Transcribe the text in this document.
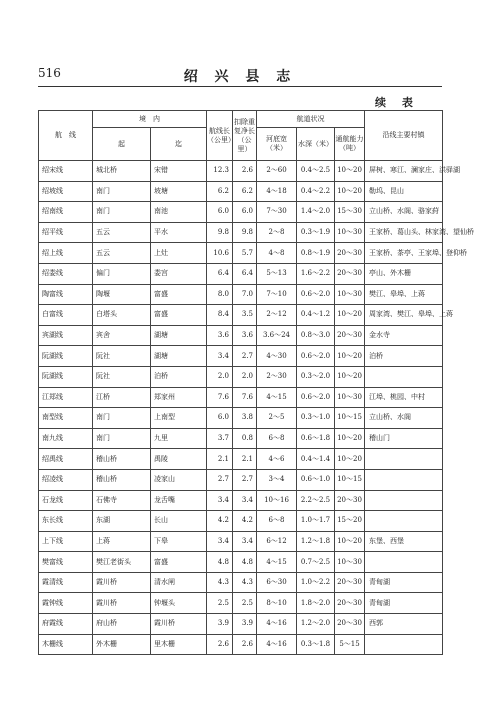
516	绍 兴 县 志
续 表
航　线	境　内		航线长
（公里）	扣除重复净长
（公里）	航道状况			沿线主要村镇
	起	迄			河底宽
（米）	水深（米）	通航能力
（吨）	
绍宋线	城北桥	宋错	12.3	2.6	2～60	0.4～2.5	10～20	屏树、寒江、澜家庄、洪驿湖
绍坡线	南门	坡塘	6.2	6.2	4～18	0.4～2.2	10～20	勒坞、昆山
绍南线	南门	南池	6.0	6.0	7～30	1.4～2.0	15～30	立山桥、水阁、骆家荮
绍平线	五云	平水	9.8	9.8	2～8	0.3～1.9	10～30	王家桥、葛山头、林家湾、望仙桥
绍上线	五云	上灶	10.6	5.7	4～8	0.8～1.9	20～30	王家桥、茶亭、王家埠、登仰桥
绍娄线	偏门	娄宫	6.4	6.4	5～13	1.6～2.2	20～30	亭山、外木栅
陶富线	陶堰	富盛	8.0	7.0	7～10	0.6～2.0	10～30	樊江、皋埠、上蒋
白富线	白塔头	富盛	8.4	3.5	2～12	0.4～1.2	10～20	周家湾、樊江、皋埠、上蒋
宾湖线	宾舍	湖塘	3.6	3.6	3.6～24	0.8～3.0	20～30	金水寺
阮湖线	阮社	湖塘	3.4	2.7	4～30	0.6～2.0	10～20	泊桥
阮湖线	阮社	泊桥	2.0	2.0	2～30	0.3～2.0	10～20	
江郑线	江桥	郑家州	7.6	7.6	4～15	0.6～2.0	10～30	江埠、桃园、中村
南型线	南门	上南型	6.0	3.8	2～5	0.3～1.0	10～15	立山桥、水阁
南九线	南门	九里	3.7	0.8	6～8	0.6～1.8	10～20	稽山门
绍禹线	稽山桥	禹陵	2.1	2.1	4～6	0.4～1.4	10～20	
绍凌线	稽山桥	凌家山	2.7	2.7	3～4	0.6～1.0	10～15	
石龙线	石佛寺	龙舌嘴	3.4	3.4	10～16	2.2～2.5	20～30	
东长线	东湖	长山	4.2	4.2	6～8	1.0～1.7	15～20	
上下线	上蒋	下皋	3.4	3.4	6～12	1.2～1.8	10～20	东堡、西堡
樊富线	樊江老街头	富盛	4.8	4.8	4～15	0.7～2.5	10～30	
霞清线	霞川桥	清水闸	4.3	4.3	6～30	1.0～2.2	20～30	青甸湖
霞钟线	霞川桥	钟堰头	2.5	2.5	8～10	1.8～2.0	20～30	青甸湖
府霞线	府山桥	霞川桥	3.9	3.9	4～16	1.2～2.0	20～30	西郭
木栅线	外木栅	里木栅	2.6	2.6	4～16	0.3～1.8	5～15	
